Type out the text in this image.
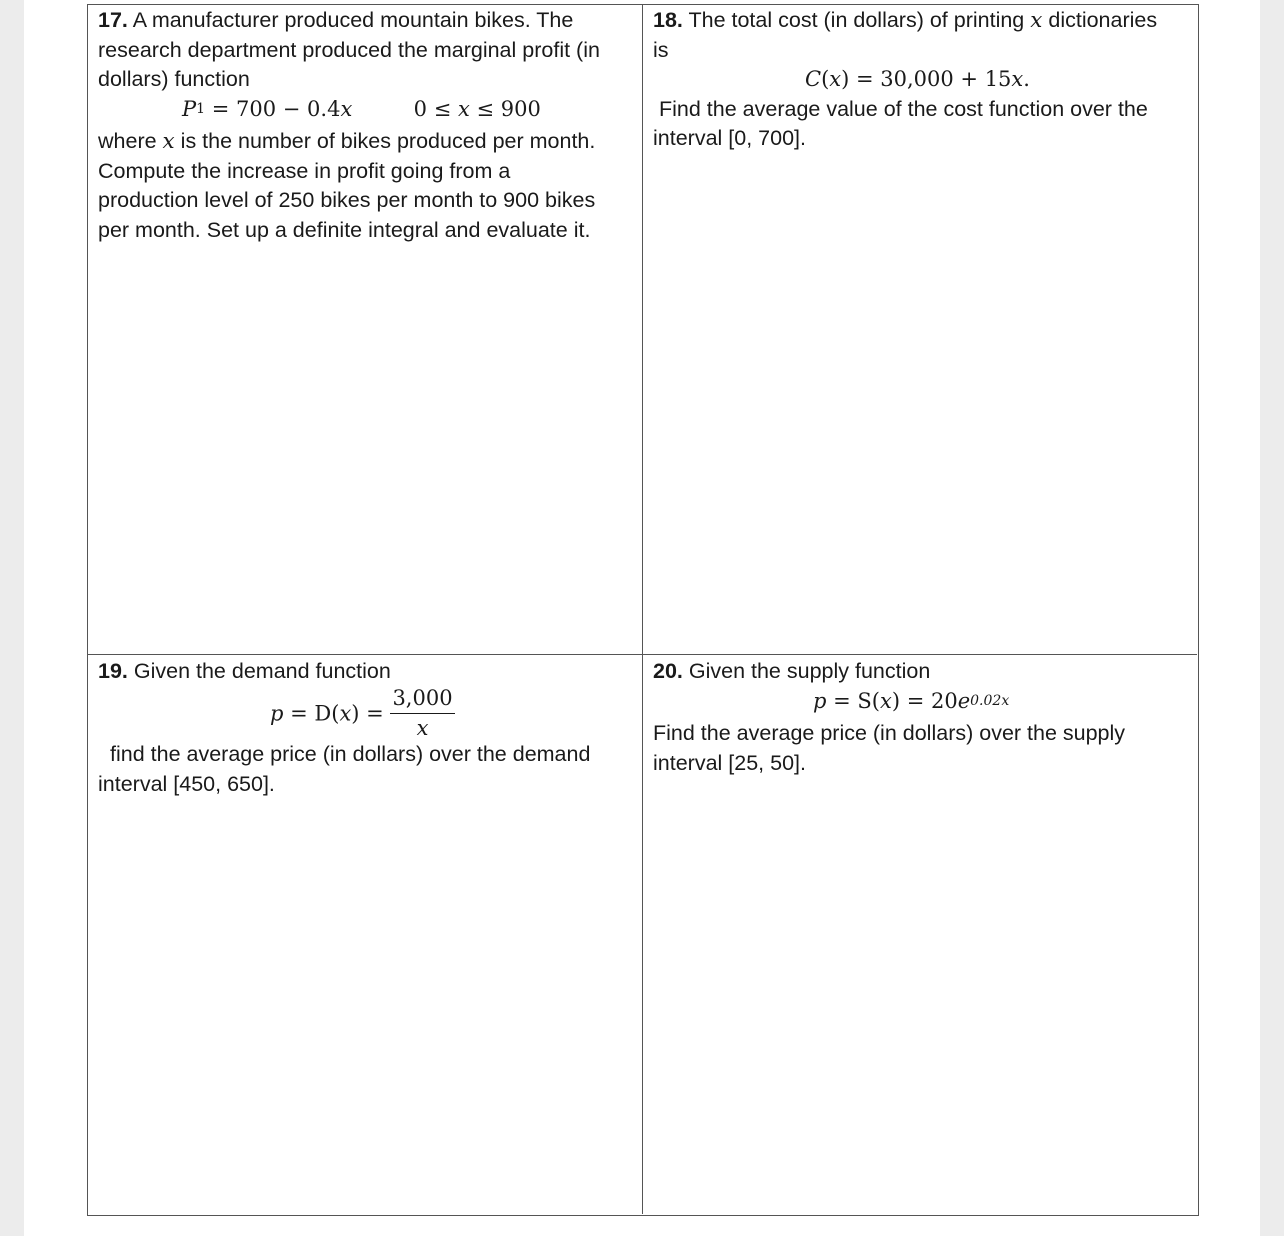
17. A manufacturer produced mountain bikes. The
research department produced the marginal profit (in
dollars) function
$P^1 = 700 - 0.4x$	0 ≤ x ≤ 900
where x is the number of bikes produced per month.
Compute the increase in profit going from a
production level of 250 bikes per month to 900 bikes
per month. Set up a definite integral and evaluate it.
18. The total cost (in dollars) of printing x dictionaries
is
C(x) = 30,000 + 15x.
Find the average value of the cost function over the
interval [0, 700].
19. Given the demand function
$p = D(x) = \frac{3,000}{x}$
find the average price (in dollars) over the demand
interval [450, 650].
20. Given the supply function
$p = S(x) = 20e^{0.02x}$
Find the average price (in dollars) over the supply
interval [25, 50].
